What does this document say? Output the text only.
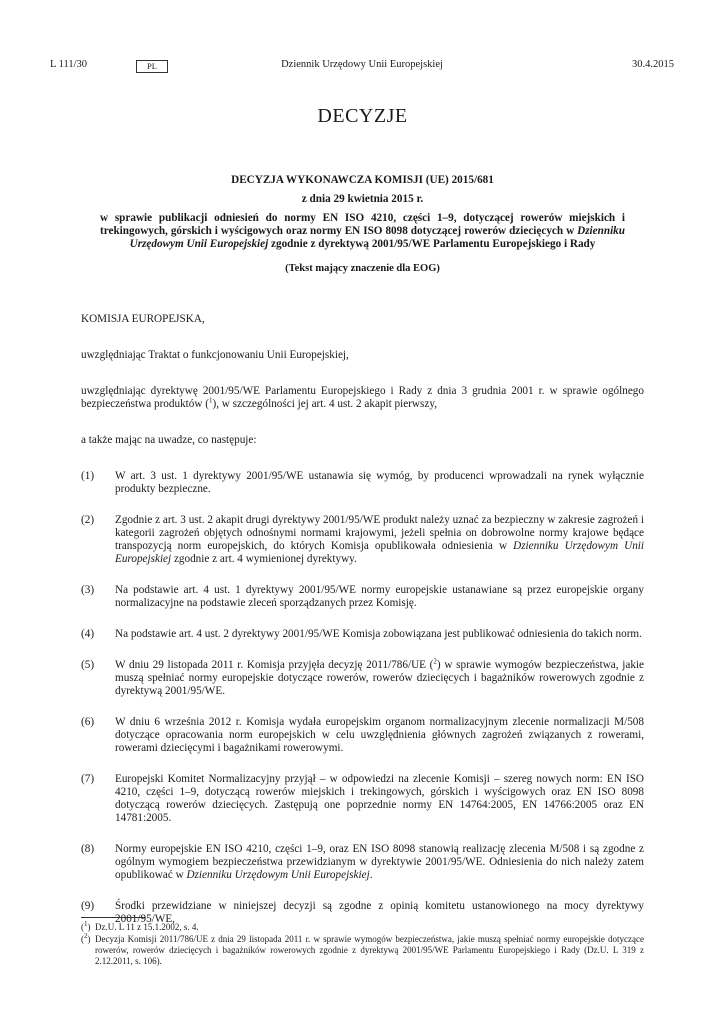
L 111/30	PL	Dziennik Urzędowy Unii Europejskiej	30.4.2015
DECYZJE
DECYZJA WYKONAWCZA KOMISJI (UE) 2015/681
z dnia 29 kwietnia 2015 r.
w sprawie publikacji odniesień do normy EN ISO 4210, części 1–9, dotyczącej rowerów miejskich i trekingowych, górskich i wyścigowych oraz normy EN ISO 8098 dotyczącej rowerów dziecięcych w Dzienniku Urzędowym Unii Europejskiej zgodnie z dyrektywą 2001/95/WE Parlamentu Europejskiego i Rady
(Tekst mający znaczenie dla EOG)

KOMISJA EUROPEJSKA,

uwzględniając Traktat o funkcjonowaniu Unii Europejskiej,

uwzględniając dyrektywę 2001/95/WE Parlamentu Europejskiego i Rady z dnia 3 grudnia 2001 r. w sprawie ogólnego bezpieczeństwa produktów ($^1$), w szczególności jej art. 4 ust. 2 akapit pierwszy,

a także mając na uwadze, co następuje:

(1)	W art. 3 ust. 1 dyrektywy 2001/95/WE ustanawia się wymóg, by producenci wprowadzali na rynek wyłącznie produkty bezpieczne.
(2)	Zgodnie z art. 3 ust. 2 akapit drugi dyrektywy 2001/95/WE produkt należy uznać za bezpieczny w zakresie zagrożeń i kategorii zagrożeń objętych odnośnymi normami krajowymi, jeżeli spełnia on dobrowolne normy krajowe będące transpozycją norm europejskich, do których Komisja opublikowała odniesienia w Dzienniku Urzędowym Unii Europejskiej zgodnie z art. 4 wymienionej dyrektywy.
(3)	Na podstawie art. 4 ust. 1 dyrektywy 2001/95/WE normy europejskie ustanawiane są przez europejskie organy normalizacyjne na podstawie zleceń sporządzanych przez Komisję.
(4)	Na podstawie art. 4 ust. 2 dyrektywy 2001/95/WE Komisja zobowiązana jest publikować odniesienia do takich norm.
(5)	W dniu 29 listopada 2011 r. Komisja przyjęła decyzję 2011/786/UE ($^2$) w sprawie wymogów bezpieczeństwa, jakie muszą spełniać normy europejskie dotyczące rowerów, rowerów dziecięcych i bagażników rowerowych zgodnie z dyrektywą 2001/95/WE.
(6)	W dniu 6 września 2012 r. Komisja wydała europejskim organom normalizacyjnym zlecenie normalizacji M/508 dotyczące opracowania norm europejskich w celu uwzględnienia głównych zagrożeń związanych z rowerami, rowerami dziecięcymi i bagażnikami rowerowymi.
(7)	Europejski Komitet Normalizacyjny przyjął – w odpowiedzi na zlecenie Komisji – szereg nowych norm: EN ISO 4210, części 1–9, dotyczącą rowerów miejskich i trekingowych, górskich i wyścigowych oraz EN ISO 8098 dotyczącą rowerów dziecięcych. Zastępują one poprzednie normy EN 14764:2005, EN 14766:2005 oraz EN 14781:2005.
(8)	Normy europejskie EN ISO 4210, części 1–9, oraz EN ISO 8098 stanowią realizację zlecenia M/508 i są zgodne z ogólnym wymogiem bezpieczeństwa przewidzianym w dyrektywie 2001/95/WE. Odniesienia do nich należy zatem opublikować w Dzienniku Urzędowym Unii Europejskiej.
(9)	Środki przewidziane w niniejszej decyzji są zgodne z opinią komitetu ustanowionego na mocy dyrektywy 2001/95/WE,
($^1$) Dz.U. L 11 z 15.1.2002, s. 4.
($^2$) Decyzja Komisji 2011/786/UE z dnia 29 listopada 2011 r. w sprawie wymogów bezpieczeństwa, jakie muszą spełniać normy europejskie dotyczące rowerów, rowerów dziecięcych i bagażników rowerowych zgodnie z dyrektywą 2001/95/WE Parlamentu Europejskiego i Rady (Dz.U. L 319 z 2.12.2011, s. 106).
